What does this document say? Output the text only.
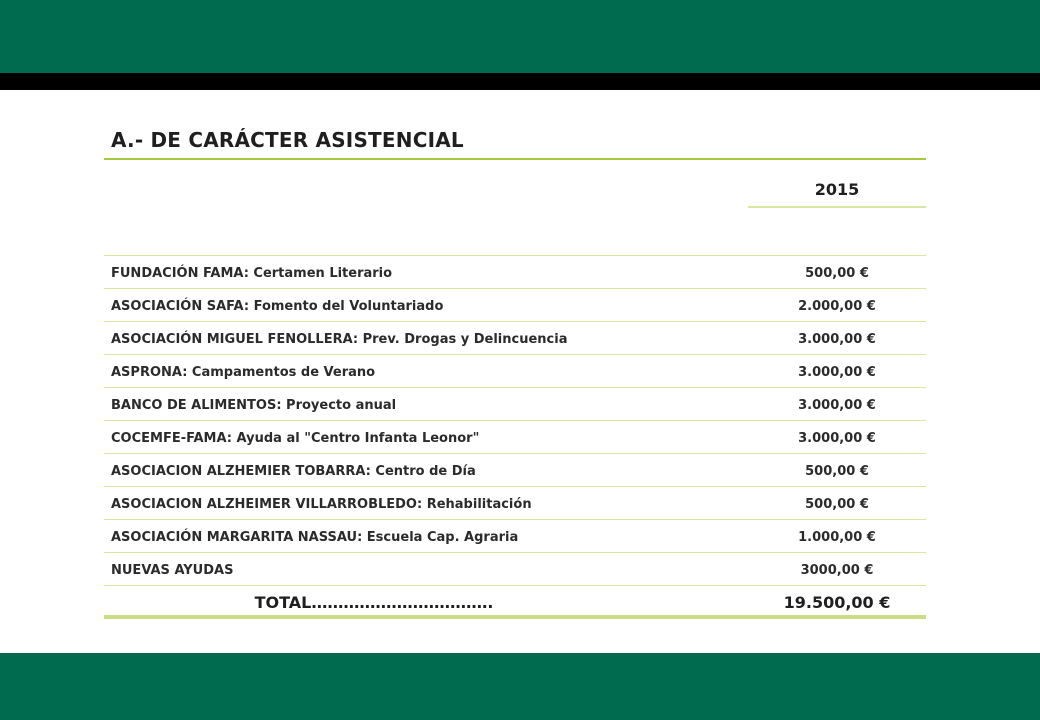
A.- DE CARÁCTER ASISTENCIAL
2015
FUNDACIÓN FAMA: Certamen Literario	500,00 €
ASOCIACIÓN SAFA: Fomento del Voluntariado	2.000,00 €
ASOCIACIÓN MIGUEL FENOLLERA: Prev. Drogas y Delincuencia	3.000,00 €
ASPRONA: Campamentos de Verano	3.000,00 €
BANCO DE ALIMENTOS: Proyecto anual	3.000,00 €
COCEMFE-FAMA: Ayuda al "Centro Infanta Leonor"	3.000,00 €
ASOCIACION ALZHEMIER TOBARRA: Centro de Día	500,00 €
ASOCIACION ALZHEIMER VILLARROBLEDO: Rehabilitación	500,00 €
ASOCIACIÓN MARGARITA NASSAU: Escuela Cap. Agraria	1.000,00 €
NUEVAS AYUDAS	3000,00 €
TOTAL…………………………….	19.500,00 €
